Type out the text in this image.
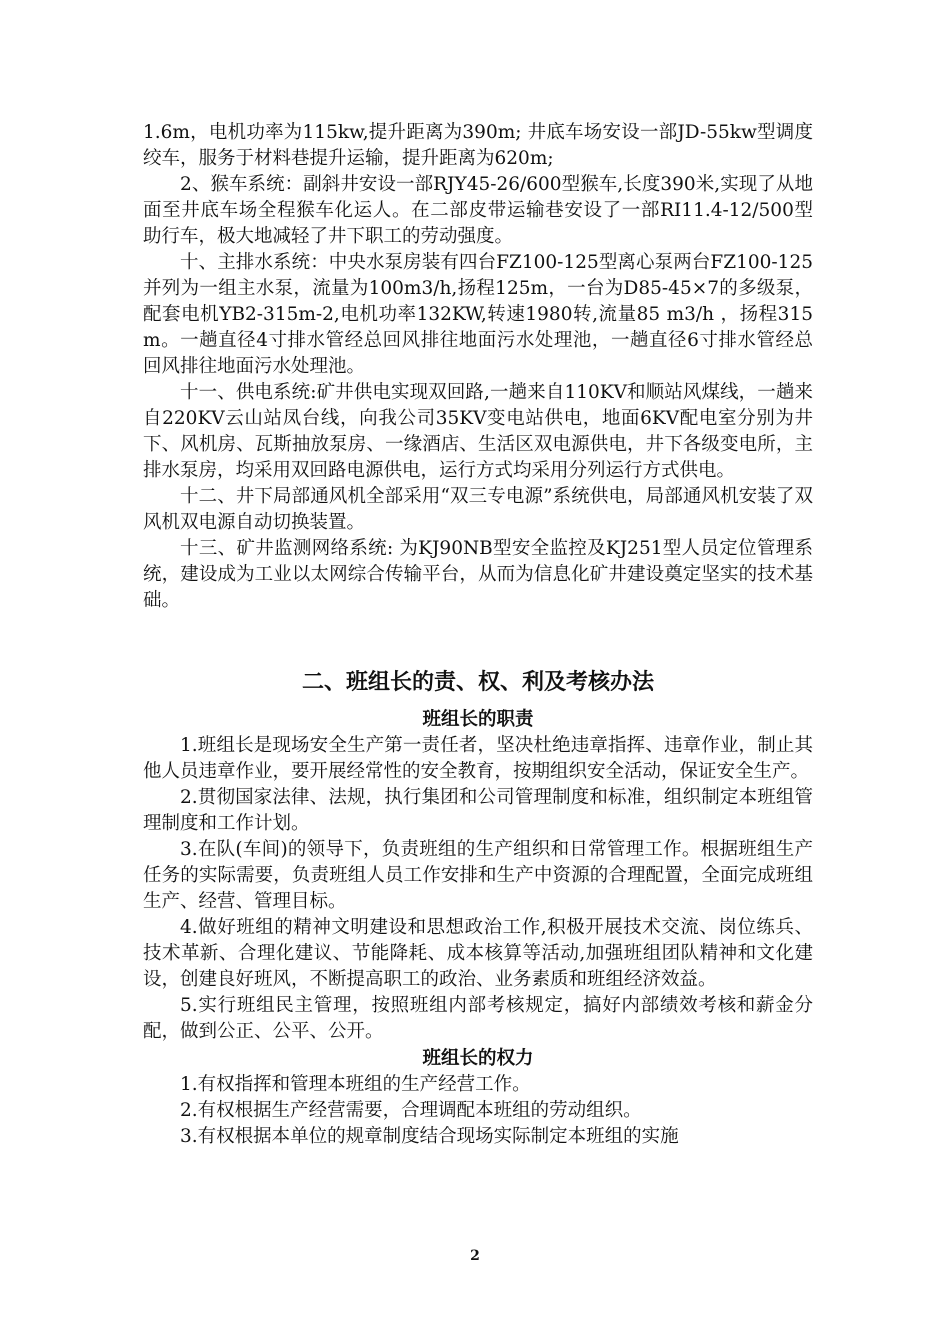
1.6m，电机功率为115kw,提升距离为390m; 井底车场安设一部JD-55kw型调度绞车，服务于材料巷提升运输，提升距离为620m;

2、猴车系统：副斜井安设一部RJY45-26/600型猴车,长度390米,实现了从地面至井底车场全程猴车化运人。在二部皮带运输巷安设了一部RI11.4-12/500型助行车，极大地减轻了井下职工的劳动强度。

十、主排水系统：中央水泵房装有四台FZ100-125型离心泵两台FZ100-125并列为一组主水泵，流量为100m3/h,扬程125m，一台为D85-45×7的多级泵，配套电机YB2-315m-2,电机功率132KW,转速1980转,流量85 m3/h ，扬程315m。一趟直径4寸排水管经总回风排往地面污水处理池，一趟直径6寸排水管经总回风排往地面污水处理池。

十一、供电系统:矿井供电实现双回路,一趟来自110KV和顺站风煤线，一趟来自220KV云山站凤台线，向我公司35KV变电站供电，地面6KV配电室分别为井下、风机房、瓦斯抽放泵房、一缘酒店、生活区双电源供电，井下各级变电所，主排水泵房，均采用双回路电源供电，运行方式均采用分列运行方式供电。

十二、井下局部通风机全部采用“双三专电源”系统供电，局部通风机安装了双风机双电源自动切换装置。

十三、矿井监测网络系统: 为KJ90NB型安全监控及KJ251型人员定位管理系统，建设成为工业以太网综合传输平台，从而为信息化矿井建设奠定坚实的技术基础。

二、班组长的责、权、利及考核办法
班组长的职责

1.班组长是现场安全生产第一责任者，坚决杜绝违章指挥、违章作业，制止其他人员违章作业，要开展经常性的安全教育，按期组织安全活动，保证安全生产。

2.贯彻国家法律、法规，执行集团和公司管理制度和标准，组织制定本班组管理制度和工作计划。

3.在队(车间)的领导下，负责班组的生产组织和日常管理工作。根据班组生产任务的实际需要，负责班组人员工作安排和生产中资源的合理配置，全面完成班组生产、经营、管理目标。

4.做好班组的精神文明建设和思想政治工作,积极开展技术交流、岗位练兵、技术革新、合理化建议、节能降耗、成本核算等活动,加强班组团队精神和文化建设，创建良好班风，不断提高职工的政治、业务素质和班组经济效益。

5.实行班组民主管理，按照班组内部考核规定，搞好内部绩效考核和薪金分配，做到公正、公平、公开。

班组长的权力

1.有权指挥和管理本班组的生产经营工作。

2.有权根据生产经营需要，合理调配本班组的劳动组织。

3.有权根据本单位的规章制度结合现场实际制定本班组的实施

2
